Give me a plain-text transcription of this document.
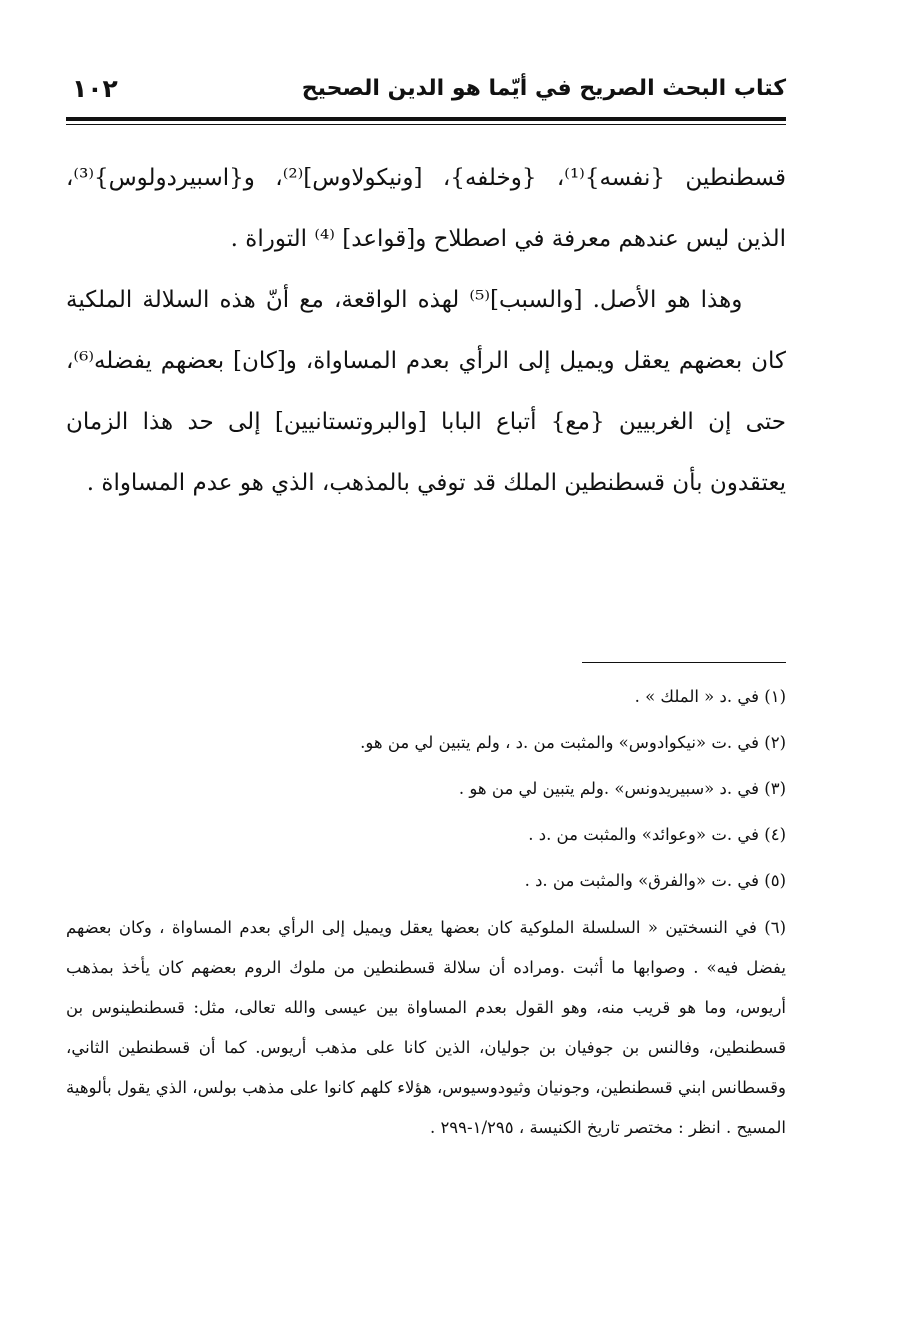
كتاب البحث الصريح في أيّما هو الدين الصحيح
١٠٢

قسطنطين {نفسه}⁽¹⁾، {وخلفه}، [ونيكولاوس]⁽²⁾، و{اسبيردولوس}⁽³⁾، الذين ليس عندهم معرفة في اصطلاح و[قواعد] ⁽⁴⁾ التوراة .

وهذا هو الأصل. [والسبب]⁽⁵⁾ لهذه الواقعة، مع أنّ هذه السلالة الملكية كان بعضهم يعقل ويميل إلى الرأي بعدم المساواة، و[كان] بعضهم يفضله⁽⁶⁾، حتى إن الغربيين {مع} أتباع البابا [والبروتستانيين] إلى حد هذا الزمان يعتقدون بأن قسطنطين الملك قد توفي بالمذهب، الذي هو عدم المساواة .

(١) في .د « الملك » .

(٢) في .ت «نيكوادوس» والمثبت من .د ، ولم يتبين لي من هو.

(٣) في .د «سبيريدونس» .ولم يتبين لي من هو .

(٤) في .ت «وعوائد» والمثبت من .د .

(٥) في .ت «والفرق» والمثبت من .د .

(٦) في النسختين « السلسلة الملوكية كان بعضها يعقل ويميل إلى الرأي بعدم المساواة ، وكان بعضهم يفضل فيه» . وصوابها ما أثبت .ومراده أن سلالة قسطنطين من ملوك الروم بعضهم كان يأخذ بمذهب أريوس، وما هو قريب منه، وهو القول بعدم المساواة بين عيسى والله تعالى، مثل: قسطنطينوس بن قسطنطين، وفالنس بن جوفيان بن جوليان، الذين كانا على مذهب أريوس. كما أن قسطنطين الثاني، وقسطانس ابني قسطنطين، وجونيان وثيودوسيوس، هؤلاء كلهم كانوا على مذهب بولس، الذي يقول بألوهية المسيح . انظر : مختصر تاريخ الكنيسة ، ١/٢٩٥-٢٩٩ .
